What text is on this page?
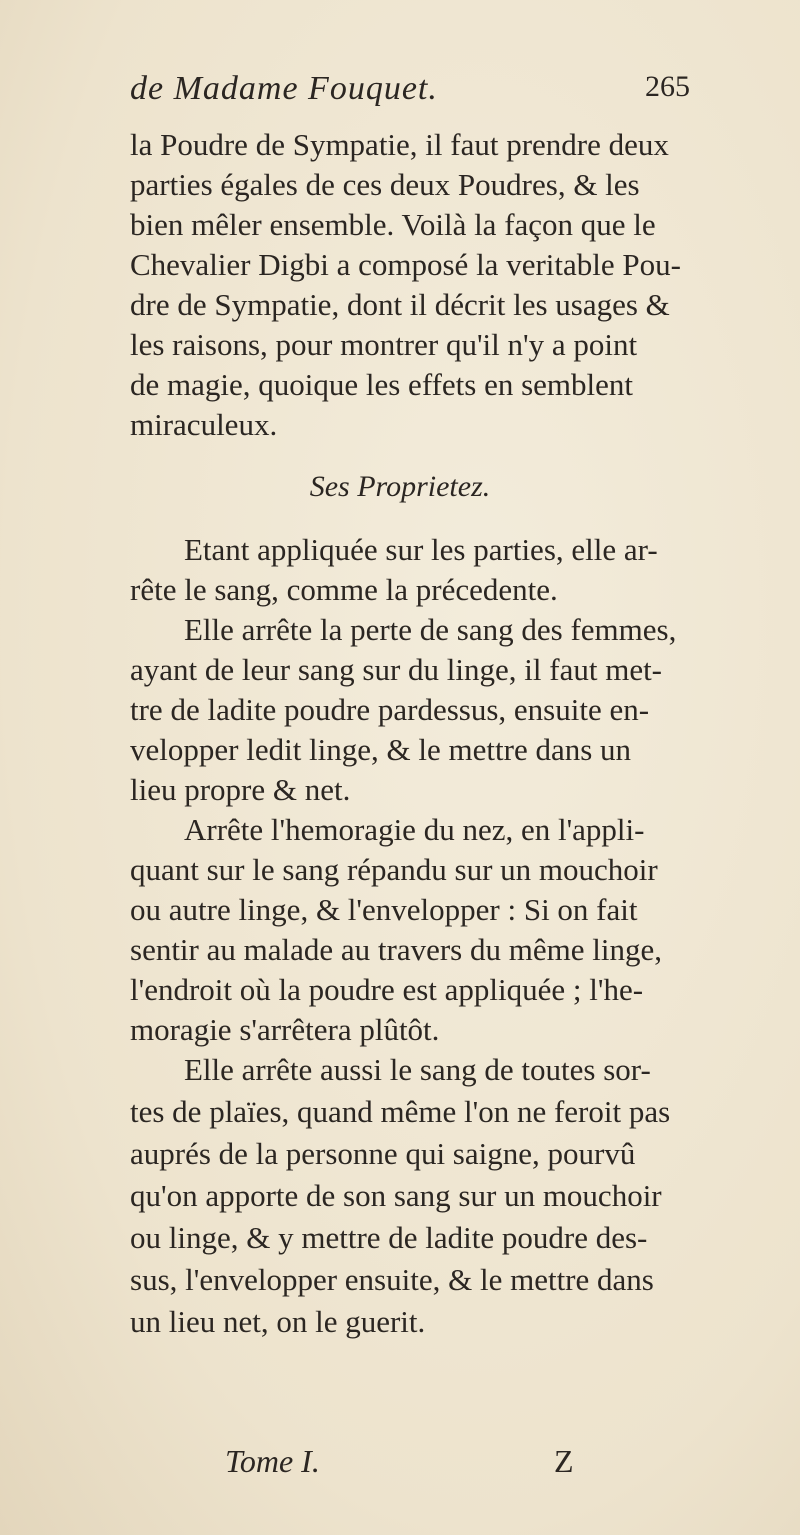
de Madame Fouquet.	265
la Poudre de Sympatie, il faut prendre deux
parties égales de ces deux Poudres, & les
bien mêler ensemble. Voilà la façon que le
Chevalier Digbi a composé la veritable Pou-
dre de Sympatie, dont il décrit les usages &
les raisons, pour montrer qu'il n'y a point
de magie, quoique les effets en semblent
miraculeux.
Ses Proprietez.
Etant appliquée sur les parties, elle ar-
rête le sang, comme la précedente.
Elle arrête la perte de sang des femmes,
ayant de leur sang sur du linge, il faut met-
tre de ladite poudre pardessus, ensuite en-
velopper ledit linge, & le mettre dans un
lieu propre & net.
Arrête l'hemoragie du nez, en l'appli-
quant sur le sang répandu sur un mouchoir
ou autre linge, & l'envelopper : Si on fait
sentir au malade au travers du même linge,
l'endroit où la poudre est appliquée ; l'he-
moragie s'arrêtera plûtôt.
Elle arrête aussi le sang de toutes sor-
tes de plaïes, quand même l'on ne feroit pas
auprés de la personne qui saigne, pourvû
qu'on apporte de son sang sur un mouchoir
ou linge, & y mettre de ladite poudre des-
sus, l'envelopper ensuite, & le mettre dans
un lieu net, on le guerit.
Tome I.	Z
